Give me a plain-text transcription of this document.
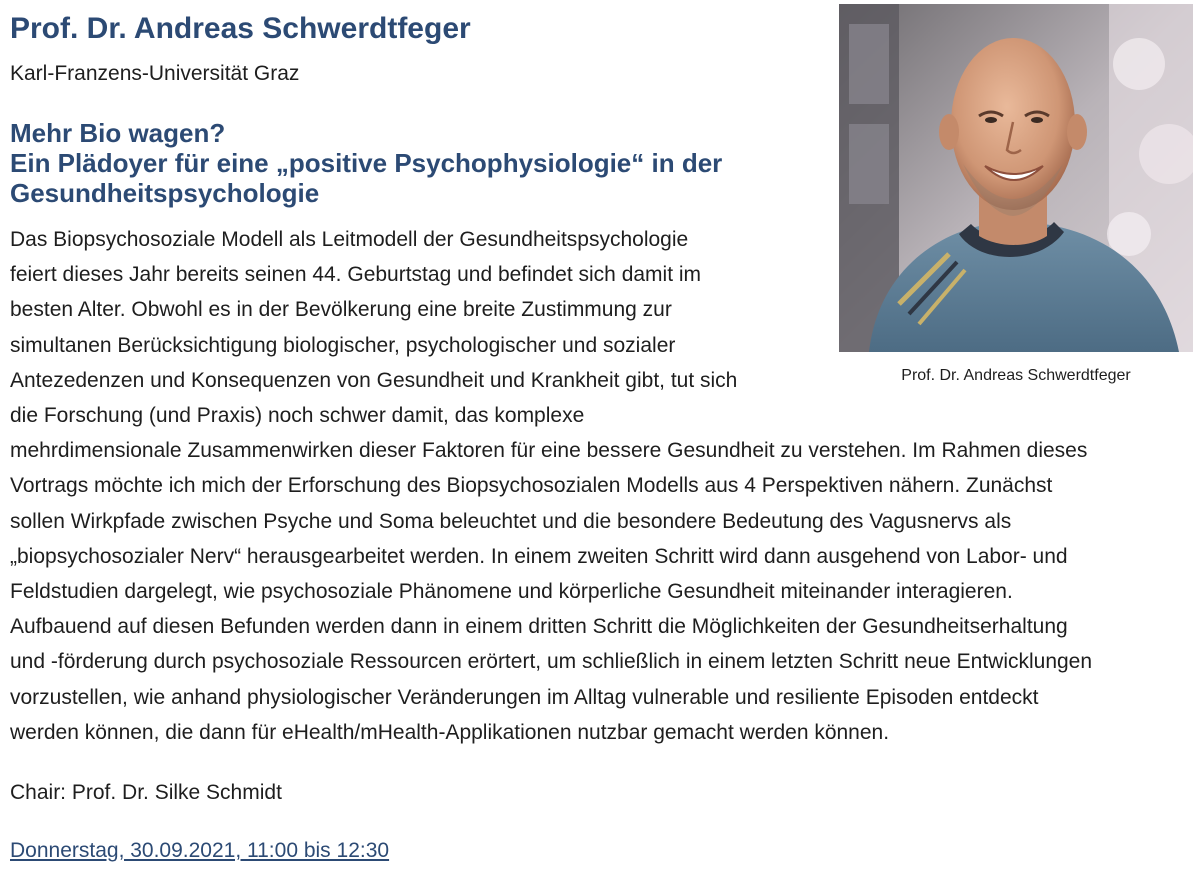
Prof. Dr. Andreas Schwerdtfeger

Karl-Franzens-Universität Graz

Mehr Bio wagen?
Ein Plädoyer für eine „positive Psychophysiologie“ in der
Gesundheitspsychologie
Prof. Dr. Andreas Schwerdtfeger
Das Biopsychosoziale Modell als Leitmodell der Gesundheitspsychologie
feiert dieses Jahr bereits seinen 44. Geburtstag und befindet sich damit im
besten Alter. Obwohl es in der Bevölkerung eine breite Zustimmung zur
simultanen Berücksichtigung biologischer, psychologischer und sozialer
Antezedenzen und Konsequenzen von Gesundheit und Krankheit gibt, tut sich
die Forschung (und Praxis) noch schwer damit, das komplexe
mehrdimensionale Zusammenwirken dieser Faktoren für eine bessere Gesundheit zu verstehen. Im Rahmen dieses
Vortrags möchte ich mich der Erforschung des Biopsychosozialen Modells aus 4 Perspektiven nähern. Zunächst
sollen Wirkpfade zwischen Psyche und Soma beleuchtet und die besondere Bedeutung des Vagusnervs als
„biopsychosozialer Nerv“ herausgearbeitet werden. In einem zweiten Schritt wird dann ausgehend von Labor- und
Feldstudien dargelegt, wie psychosoziale Phänomene und körperliche Gesundheit miteinander interagieren.
Aufbauend auf diesen Befunden werden dann in einem dritten Schritt die Möglichkeiten der Gesundheitserhaltung
und -förderung durch psychosoziale Ressourcen erörtert, um schließlich in einem letzten Schritt neue Entwicklungen
vorzustellen, wie anhand physiologischer Veränderungen im Alltag vulnerable und resiliente Episoden entdeckt
werden können, die dann für eHealth/mHealth-Applikationen nutzbar gemacht werden können.

Chair: Prof. Dr. Silke Schmidt

Donnerstag, 30.09.2021, 11:00 bis 12:30
